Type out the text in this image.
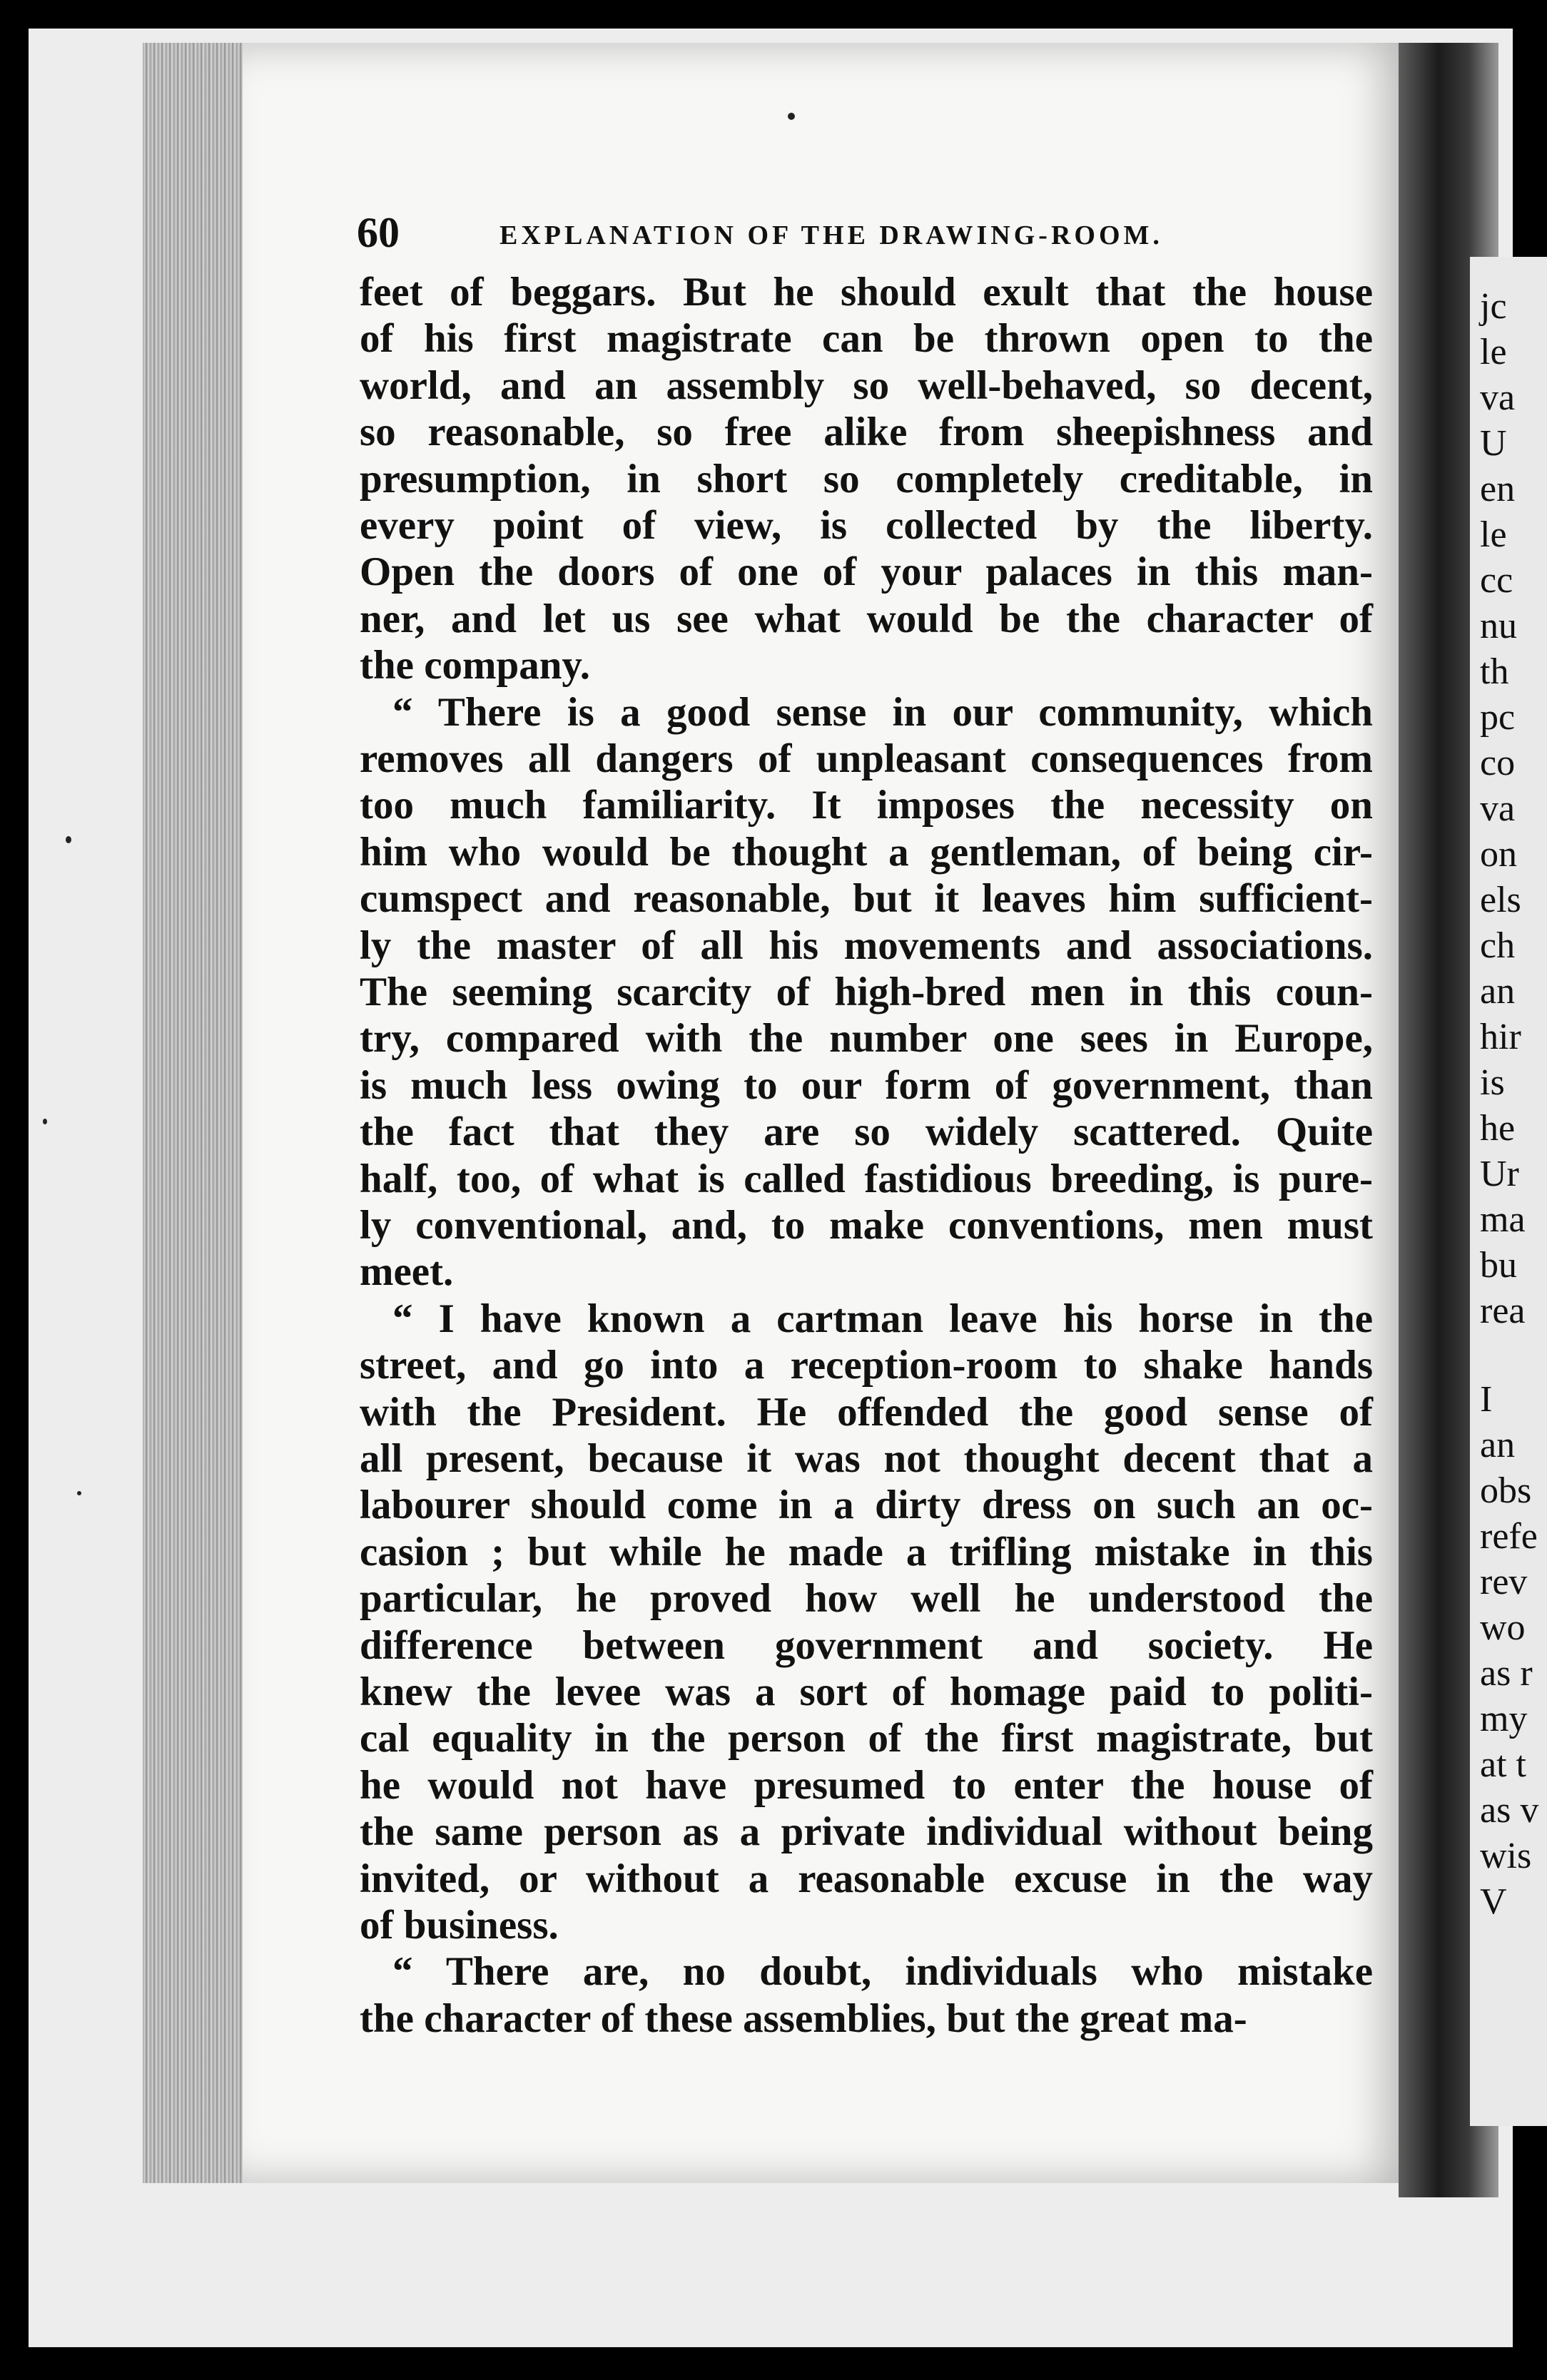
jc
le
va
U
en
le
cc
nu
th
pc
co
va
on
els
ch
an
hir
is
he
Ur
ma
bu
rea
I
an
obs
refe
rev
wo
as r
my
at t
as v
wis
V
60	EXPLANATION OF THE DRAWING-ROOM.
feet of beggars. But he should exult that the house
of his first magistrate can be thrown open to the
world, and an assembly so well-behaved, so decent,
so reasonable, so free alike from sheepishness and
presumption, in short so completely creditable, in
every point of view, is collected by the liberty.
Open the doors of one of your palaces in this man-
ner, and let us see what would be the character of
the company.
“ There is a good sense in our community, which
removes all dangers of unpleasant consequences from
too much familiarity. It imposes the necessity on
him who would be thought a gentleman, of being cir-
cumspect and reasonable, but it leaves him sufficient-
ly the master of all his movements and associations.
The seeming scarcity of high-bred men in this coun-
try, compared with the number one sees in Europe,
is much less owing to our form of government, than
the fact that they are so widely scattered. Quite
half, too, of what is called fastidious breeding, is pure-
ly conventional, and, to make conventions, men must
meet.
“ I have known a cartman leave his horse in the
street, and go into a reception-room to shake hands
with the President. He offended the good sense of
all present, because it was not thought decent that a
labourer should come in a dirty dress on such an oc-
casion ; but while he made a trifling mistake in this
particular, he proved how well he understood the
difference between government and society. He
knew the levee was a sort of homage paid to politi-
cal equality in the person of the first magistrate, but
he would not have presumed to enter the house of
the same person as a private individual without being
invited, or without a reasonable excuse in the way
of business.
“ There are, no doubt, individuals who mistake
the character of these assemblies, but the great ma-
